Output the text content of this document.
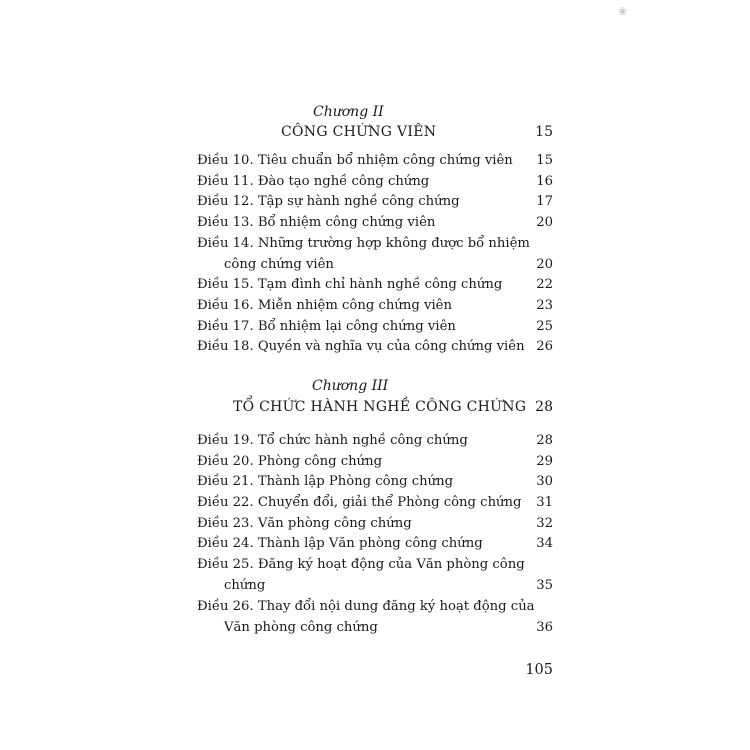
❀
Chương II
CÔNG CHỨNG VIÊN	15
Điều 10. Tiêu chuẩn bổ nhiệm công chứng viên 15
Điều 11. Đào tạo nghề công chứng	16
Điều 12. Tập sự hành nghề công chứng	17
Điều 13. Bổ nhiệm công chứng viên	20
Điều 14. Những trường hợp không được bổ nhiệm
công chứng viên	20
Điều 15. Tạm đình chỉ hành nghề công chứng	22
Điều 16. Miễn nhiệm công chứng viên	23
Điều 17. Bổ nhiệm lại công chứng viên	25
Điều 18. Quyền và nghĩa vụ của công chứng viên 26
Chương III
TỔ CHỨC HÀNH NGHỀ CÔNG CHỨNG 28
Điều 19. Tổ chức hành nghề công chứng	28
Điều 20. Phòng công chứng	29
Điều 21. Thành lập Phòng công chứng	30
Điều 22. Chuyển đổi, giải thể Phòng công chứng 31
Điều 23. Văn phòng công chứng	32
Điều 24. Thành lập Văn phòng công chứng	34
Điều 25. Đăng ký hoạt động của Văn phòng công
chứng	35
Điều 26. Thay đổi nội dung đăng ký hoạt động của
Văn phòng công chứng	36
105
